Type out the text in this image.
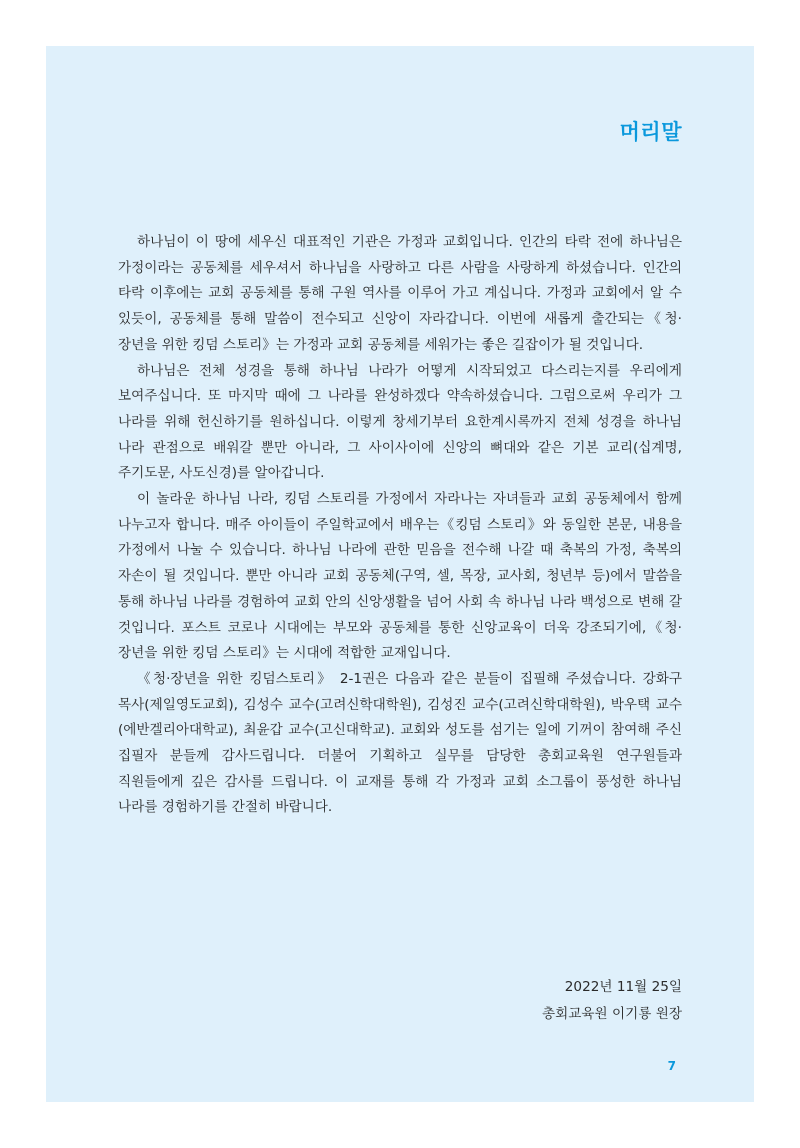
머리말

하나님이 이 땅에 세우신 대표적인 기관은 가정과 교회입니다. 인간의 타락 전에 하나님은 가정이라는 공동체를 세우셔서 하나님을 사랑하고 다른 사람을 사랑하게 하셨습니다. 인간의 타락 이후에는 교회 공동체를 통해 구원 역사를 이루어 가고 계십니다. 가정과 교회에서 알 수 있듯이, 공동체를 통해 말씀이 전수되고 신앙이 자라갑니다. 이번에 새롭게 출간되는《청·장년을 위한 킹덤 스토리》는 가정과 교회 공동체를 세워가는 좋은 길잡이가 될 것입니다.

하나님은 전체 성경을 통해 하나님 나라가 어떻게 시작되었고 다스리는지를 우리에게 보여주십니다. 또 마지막 때에 그 나라를 완성하겠다 약속하셨습니다. 그럼으로써 우리가 그 나라를 위해 헌신하기를 원하십니다. 이렇게 창세기부터 요한계시록까지 전체 성경을 하나님 나라 관점으로 배워갈 뿐만 아니라, 그 사이사이에 신앙의 뼈대와 같은 기본 교리(십계명, 주기도문, 사도신경)를 알아갑니다.

이 놀라운 하나님 나라, 킹덤 스토리를 가정에서 자라나는 자녀들과 교회 공동체에서 함께 나누고자 합니다. 매주 아이들이 주일학교에서 배우는《킹덤 스토리》와 동일한 본문, 내용을 가정에서 나눌 수 있습니다. 하나님 나라에 관한 믿음을 전수해 나갈 때 축복의 가정, 축복의 자손이 될 것입니다. 뿐만 아니라 교회 공동체(구역, 셀, 목장, 교사회, 청년부 등)에서 말씀을 통해 하나님 나라를 경험하여 교회 안의 신앙생활을 넘어 사회 속 하나님 나라 백성으로 변해 갈 것입니다. 포스트 코로나 시대에는 부모와 공동체를 통한 신앙교육이 더욱 강조되기에,《청·장년을 위한 킹덤 스토리》는 시대에 적합한 교재입니다.

《청·장년을 위한 킹덤스토리》 2-1권은 다음과 같은 분들이 집필해 주셨습니다. 강화구 목사(제일영도교회), 김성수 교수(고려신학대학원), 김성진 교수(고려신학대학원), 박우택 교수(에반겔리아대학교), 최윤갑 교수(고신대학교). 교회와 성도를 섬기는 일에 기꺼이 참여해 주신 집필자 분들께 감사드립니다. 더불어 기획하고 실무를 담당한 총회교육원 연구원들과 직원들에게 깊은 감사를 드립니다. 이 교재를 통해 각 가정과 교회 소그룹이 풍성한 하나님 나라를 경험하기를 간절히 바랍니다.

2022년 11월 25일
총회교육원 이기룡 원장
7
